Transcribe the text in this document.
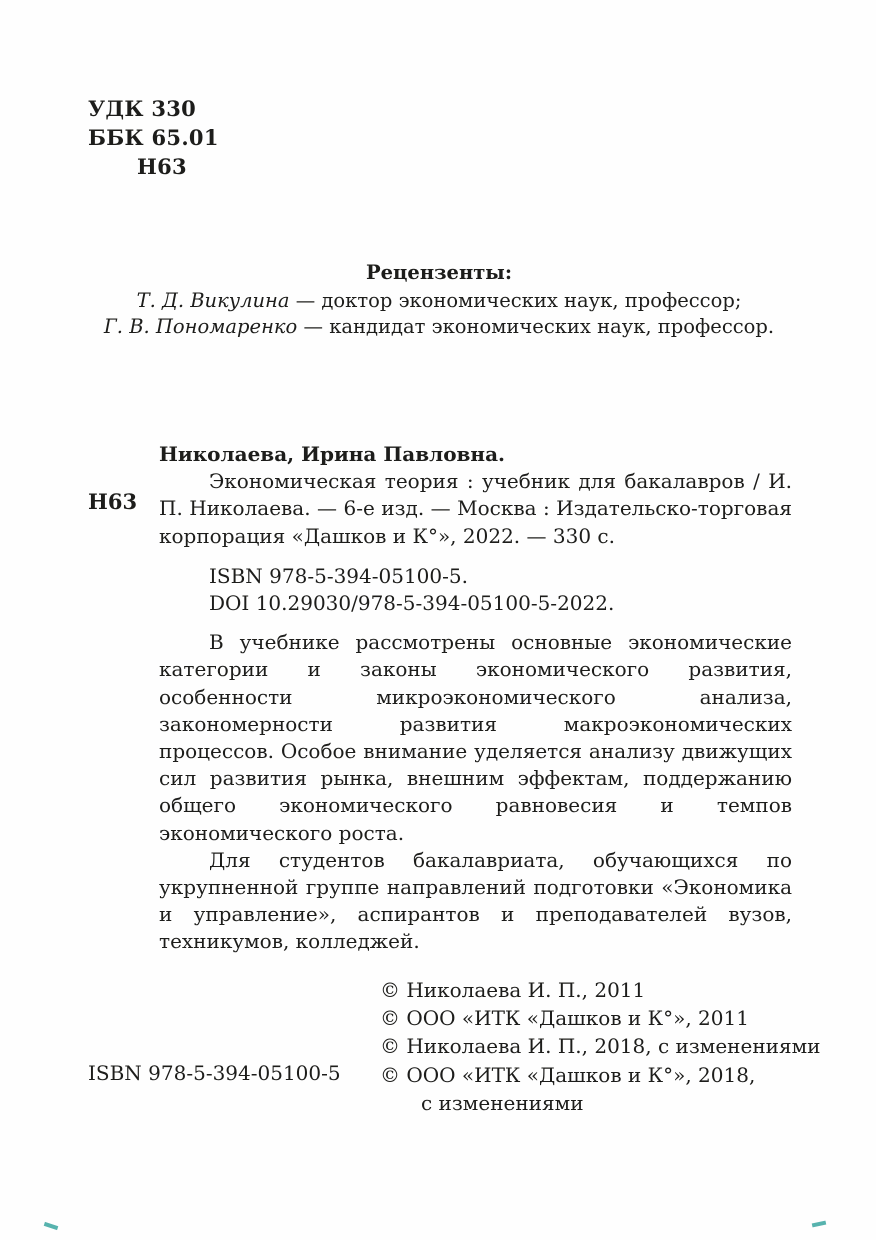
УДК 330
ББК 65.01
Н63
Рецензенты:
Т. Д. Викулина — доктор экономических наук, профессор;
Г. В. Пономаренко — кандидат экономических наук, профессор.
Н63

Николаева, Ирина Павловна.

Экономическая теория : учебник для бакалавров / И. П. Николаева. — 6-е изд. — Москва : Издательско-торговая корпорация «Дашков и К°», 2022. — 330 с.

ISBN 978-5-394-05100-5.

DOI 10.29030/978-5-394-05100-5-2022.

В учебнике рассмотрены основные экономические категории и законы экономического развития, особенности микроэкономического анализа, закономерности развития макроэкономических процессов. Особое внимание уделяется анализу движущих сил развития рынка, внешним эффектам, поддержанию общего экономического равновесия и темпов экономического роста.

Для студентов бакалавриата, обучающихся по укрупненной группе направлений подготовки «Экономика и управление», аспирантов и преподавателей вузов, техникумов, колледжей.

© Николаева И. П., 2011
© ООО «ИТК «Дашков и К°», 2011
© Николаева И. П., 2018, с изменениями
© ООО «ИТК «Дашков и К°», 2018,
с изменениями
ISBN 978-5-394-05100-5
